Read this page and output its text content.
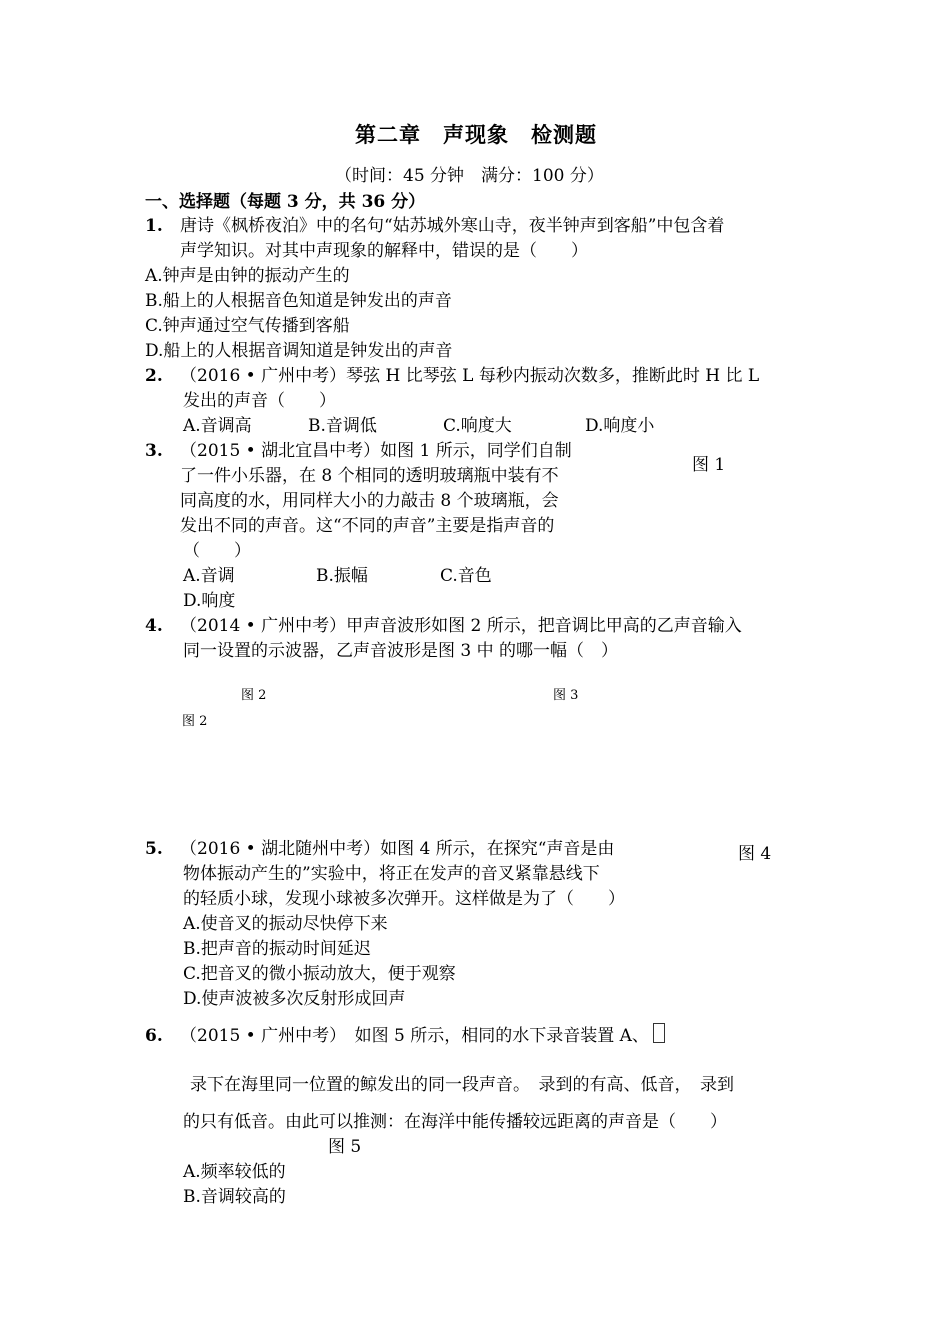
第二章　声现象　检测题
（时间：45 分钟　满分：100 分）
一、选择题（每题 3 分，共 36 分）
1. 唐诗《枫桥夜泊》中的名句“姑苏城外寒山寺，夜半钟声到客船”中包含着
声学知识。对其中声现象的解释中，错误的是（　　）
A.钟声是由钟的振动产生的
B.船上的人根据音色知道是钟发出的声音
C.钟声通过空气传播到客船
D.船上的人根据音调知道是钟发出的声音
2. （2016 • 广州中考）琴弦 H 比琴弦 L 每秒内振动次数多，推断此时 H 比 L
发出的声音（　　）
A.音调高	B.音调低	C.响度大	D.响度小
3. （2015 • 湖北宜昌中考）如图 1 所示，同学们自制
了一件小乐器，在 8 个相同的透明玻璃瓶中装有不
同高度的水，用同样大小的力敲击 8 个玻璃瓶，会
发出不同的声音。这“不同的声音”主要是指声音的
（　　）
A.音调	B.振幅	C.音色
D.响度
图 1
4. （2014 • 广州中考）甲声音波形如图 2 所示，把音调比甲高的乙声音输入
同一设置的示波器，乙声音波形是图 3 中 的哪一幅（　）
图 2	图 3
图 2
5. （2016 • 湖北随州中考）如图 4 所示，在探究“声音是由
物体振动产生的”实验中，将正在发声的音叉紧靠悬线下
的轻质小球，发现小球被多次弹开。这样做是为了（　　）
A.使音叉的振动尽快停下来
B.把声音的振动时间延迟
C.把音叉的微小振动放大，便于观察
D.使声波被多次反射形成回声
图 4
6. （2015 • 广州中考）　如图 5 所示，相同的水下录音装置 A、
录下在海里同一位置的鲸发出的同一段声音。　录到的有高、低音，　录到
的只有低音。由此可以推测：在海洋中能传播较远距离的声音是（　　）
图 5
A.频率较低的
B.音调较高的
